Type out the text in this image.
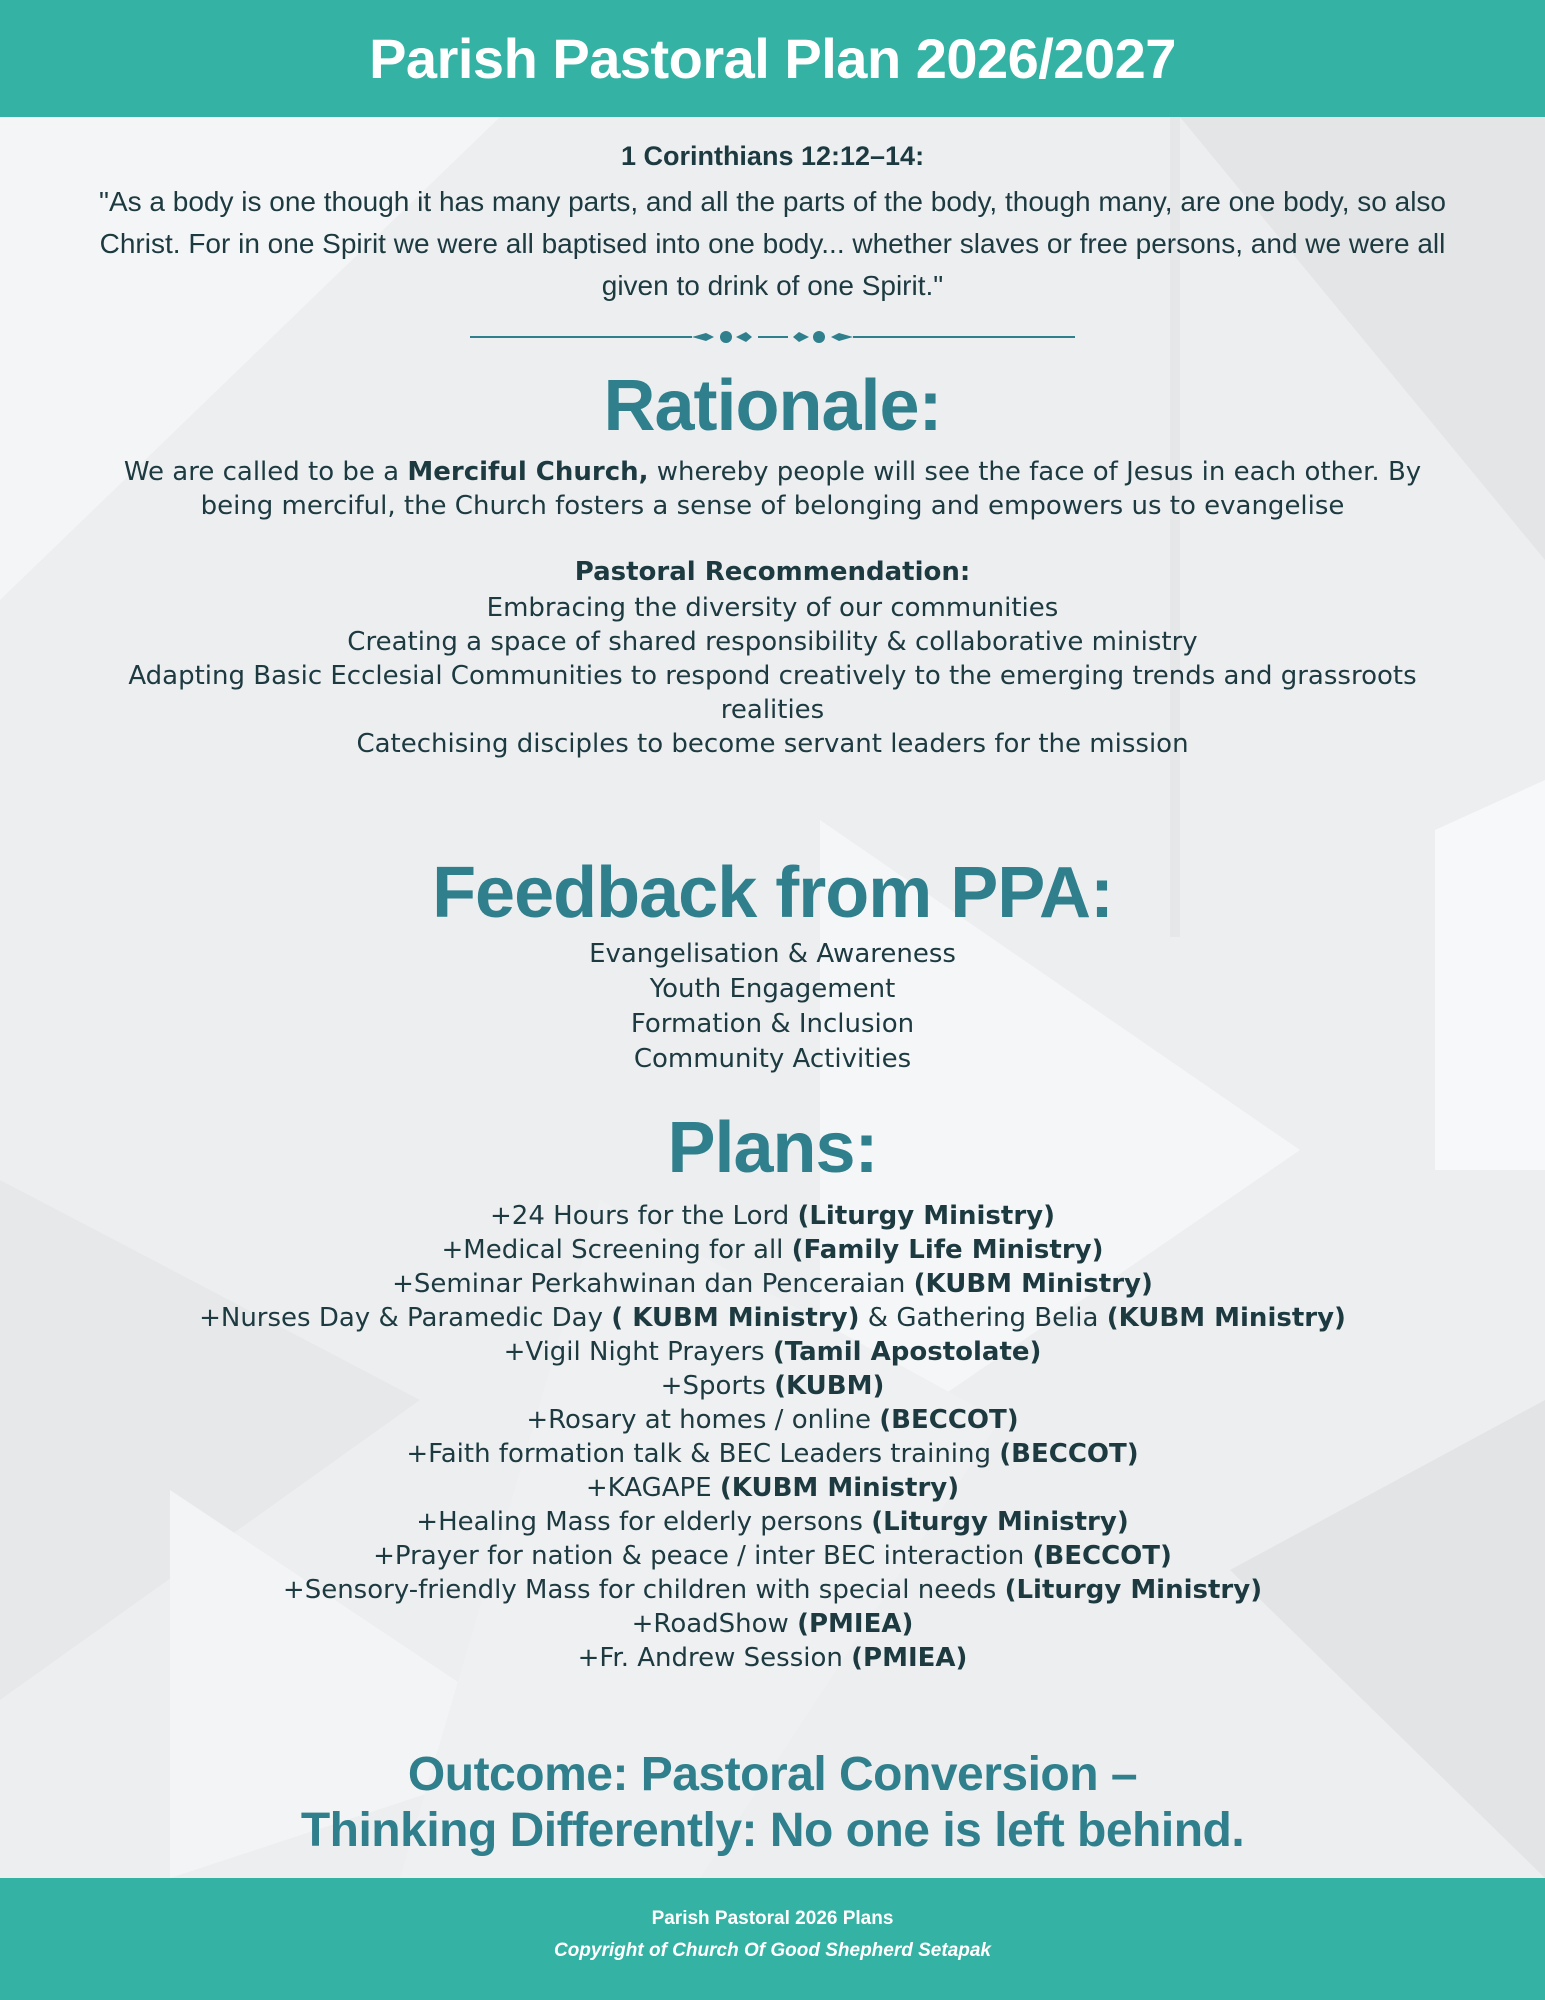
Parish Pastoral Plan 2026/2027
1 Corinthians 12:12–14:
"As a body is one though it has many parts, and all the parts of the body, though many, are one body, so also Christ. For in one Spirit we were all baptised into one body... whether slaves or free persons, and we were all given to drink of one Spirit."
Rationale:
We are called to be a Merciful Church, whereby people will see the face of Jesus in each other. By being merciful, the Church fosters a sense of belonging and empowers us to evangelise
Pastoral Recommendation:
Embracing the diversity of our communities
Creating a space of shared responsibility & collaborative ministry
Adapting Basic Ecclesial Communities to respond creatively to the emerging trends and grassroots realities
Catechising disciples to become servant leaders for the mission
Feedback from PPA:
Evangelisation & Awareness
Youth Engagement
Formation & Inclusion
Community Activities
Plans:
+24 Hours for the Lord (Liturgy Ministry)
+Medical Screening for all (Family Life Ministry)
+Seminar Perkahwinan dan Penceraian (KUBM Ministry)
+Nurses Day & Paramedic Day ( KUBM Ministry) & Gathering Belia (KUBM Ministry)
+Vigil Night Prayers (Tamil Apostolate)
+Sports (KUBM)
+Rosary at homes / online (BECCOT)
+Faith formation talk & BEC Leaders training (BECCOT)
+KAGAPE (KUBM Ministry)
+Healing Mass for elderly persons (Liturgy Ministry)
+Prayer for nation & peace / inter BEC interaction (BECCOT)
+Sensory-friendly Mass for children with special needs (Liturgy Ministry)
+RoadShow (PMIEA)
+Fr. Andrew Session (PMIEA)
Outcome: Pastoral Conversion –
Thinking Differently: No one is left behind.
Parish Pastoral 2026 Plans
Copyright of Church Of Good Shepherd Setapak
